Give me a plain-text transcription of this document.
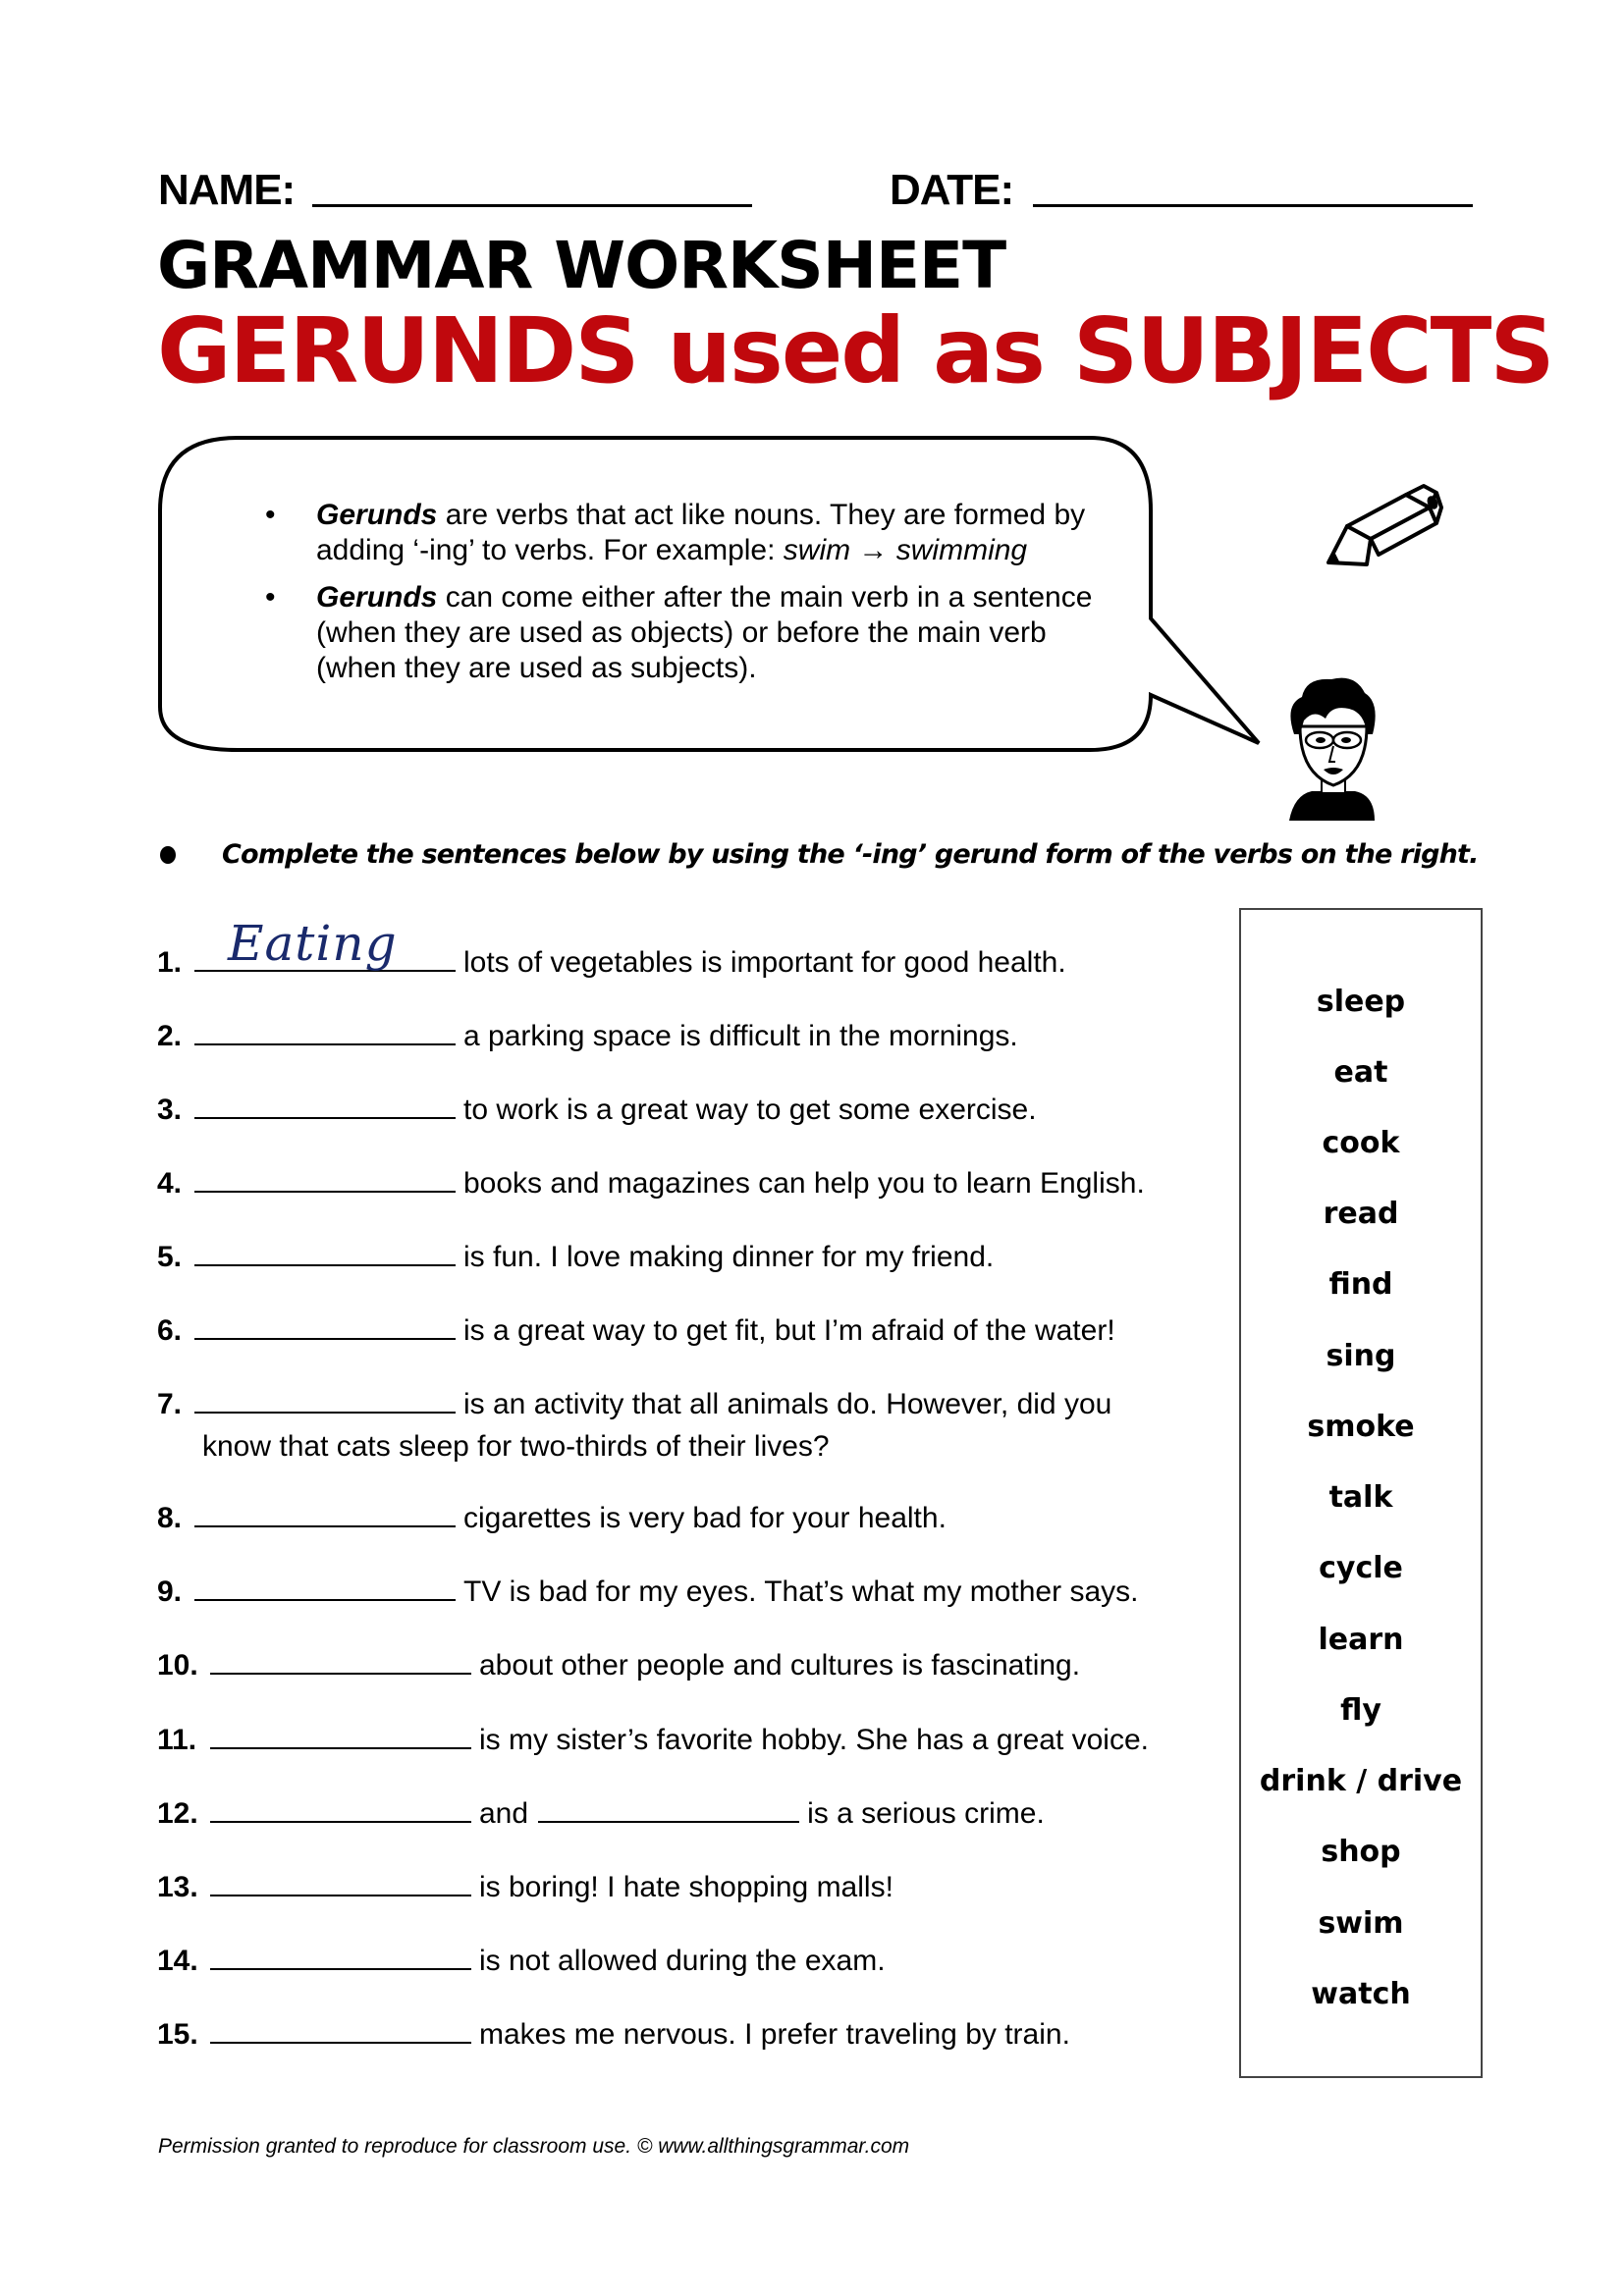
NAME:	DATE:
GRAMMAR WORKSHEET
GERUNDS used as SUBJECTS
• Gerunds are verbs that act like nouns. They are formed by adding ‘-ing’ to verbs. For example: swim → swimming
• Gerunds can come either after the main verb in a sentence (when they are used as objects) or before the main verb (when they are used as subjects).
Complete the sentences below by using the ‘-ing’ gerund form of the verbs on the right.
1. Eating lots of vegetables is important for good health.
2.	a parking space is difficult in the mornings.
3.	to work is a great way to get some exercise.
4.	books and magazines can help you to learn English.
5.	is fun. I love making dinner for my friend.
6.	is a great way to get fit, but I’m afraid of the water!
7.	is an activity that all animals do. However, did you
know that cats sleep for two-thirds of their lives?
8.	cigarettes is very bad for your health.
9.	TV is bad for my eyes. That’s what my mother says.
10.	about other people and cultures is fascinating.
11.	is my sister’s favorite hobby. She has a great voice.
12.	and	is a serious crime.
13.	is boring! I hate shopping malls!
14.	is not allowed during the exam.
15.	makes me nervous. I prefer traveling by train.
sleep
eat
cook
read
find
sing
smoke
talk
cycle
learn
fly
drink / drive
shop
swim
watch
Permission granted to reproduce for classroom use. © www.allthingsgrammar.com
